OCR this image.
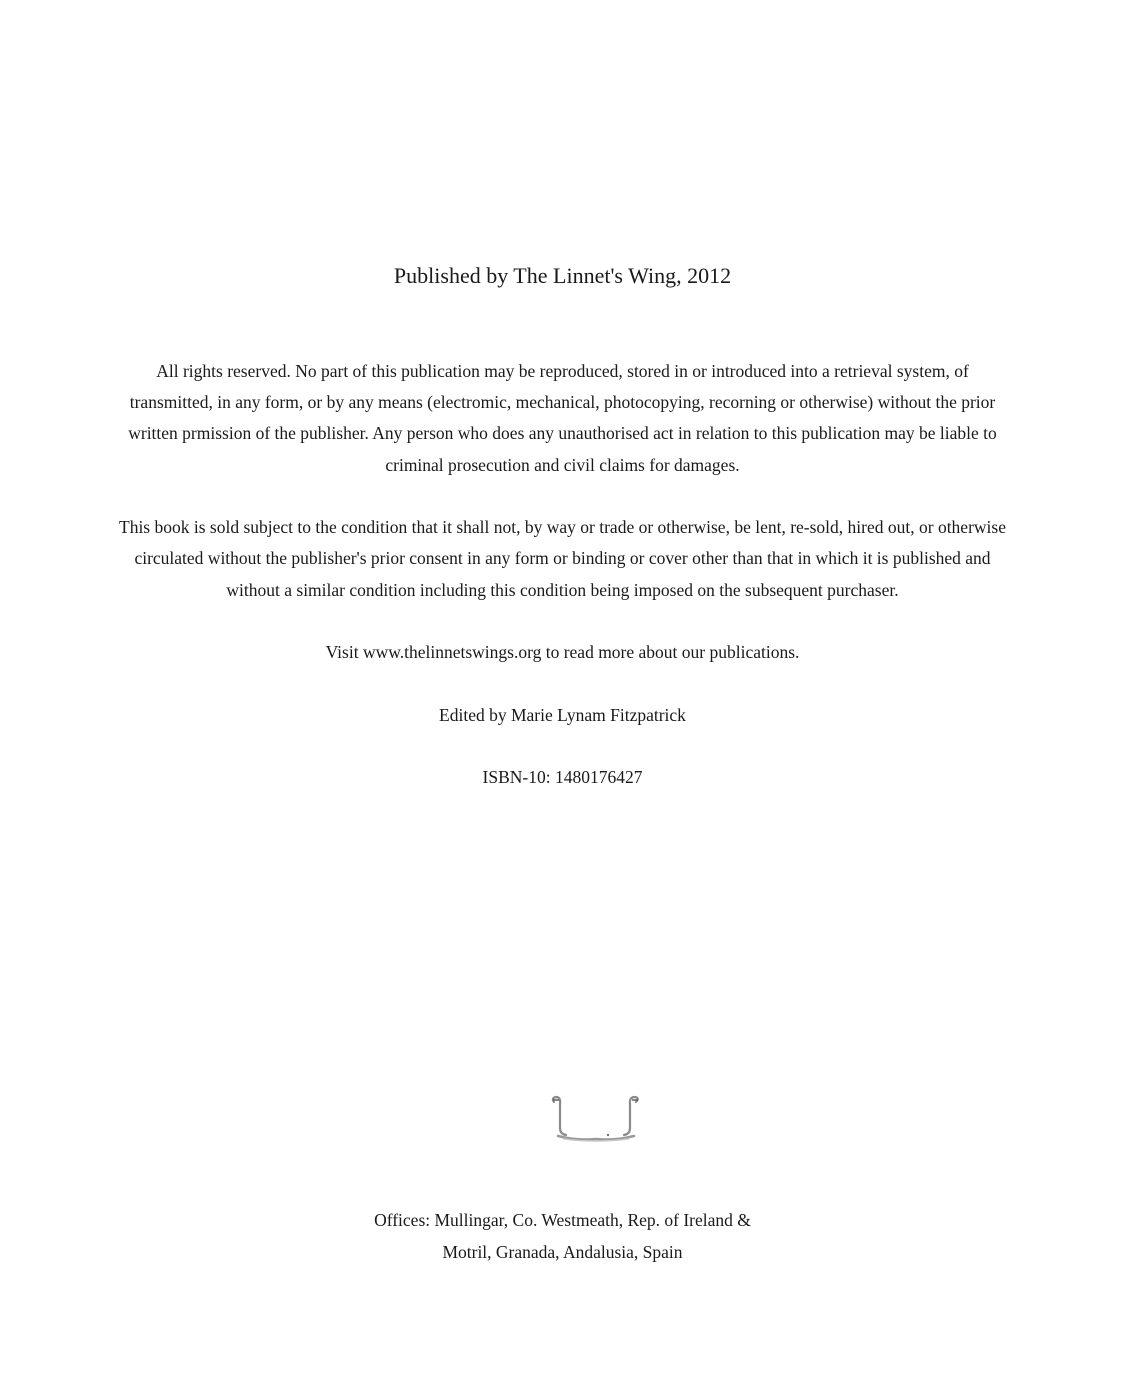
Published by The Linnet's Wing, 2012
All rights reserved. No part of this publication may be reproduced, stored in or introduced into a retrieval system, of
transmitted, in any form, or by any means (electromic, mechanical, photocopying, recorning or otherwise) without the prior
written prmission of the publisher. Any person who does any unauthorised act in relation to this publication may be liable to
criminal prosecution and civil claims for damages.
This book is sold subject to the condition that it shall not, by way or trade or otherwise, be lent, re-sold, hired out, or otherwise
circulated without the publisher's prior consent in any form or binding or cover other than that in which it is published and
without a similar condition including this condition being imposed on the subsequent purchaser.
Visit www.thelinnetswings.org to read more about our publications.
Edited by Marie Lynam Fitzpatrick
ISBN-10: 1480176427
Offices: Mullingar, Co. Westmeath, Rep. of Ireland &
Motril, Granada, Andalusia, Spain
